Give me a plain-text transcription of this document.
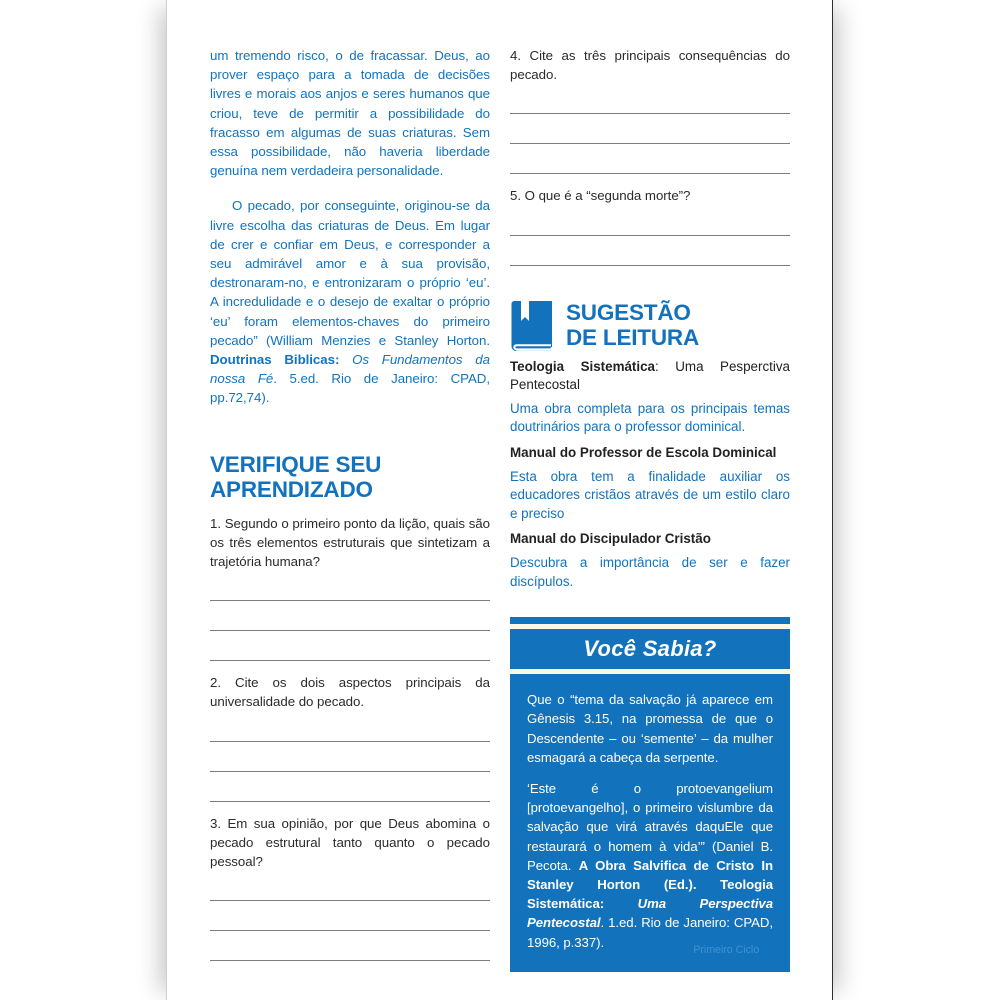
um tremendo risco, o de fracassar. Deus, ao prover espaço para a tomada de decisões livres e morais aos anjos e seres humanos que criou, teve de permitir a possibilidade do fracasso em algumas de suas criaturas. Sem essa possibilidade, não haveria liberdade genuína nem verdadeira personalidade.

O pecado, por conseguinte, originou-se da livre escolha das criaturas de Deus. Em lugar de crer e confiar em Deus, e corresponder a seu admirável amor e à sua provisão, destronaram-no, e entronizaram o próprio ‘eu’. A incredulidade e o desejo de exaltar o próprio ‘eu’ foram elementos-chaves do primeiro pecado” (William Menzies e Stanley Horton. Doutrinas Biblicas: Os Fundamentos da nossa Fé. 5.ed. Rio de Janeiro: CPAD, pp.72,74).

VERIFIQUE SEU APRENDIZADO

1. Segundo o primeiro ponto da lição, quais são os três elementos estruturais que sintetizam a trajetória humana?

2. Cite os dois aspectos principais da universalidade do pecado.

3. Em sua opinião, por que Deus abomina o pecado estrutural tanto quanto o pecado pessoal?

4. Cite as três principais consequências do pecado.

5. O que é a “segunda morte”?

SUGESTÃO
DE LEITURA
Teologia Sistemática: Uma Pesperctiva Pentecostal
Uma obra completa para os principais temas doutrinários para o professor dominical.
Manual do Professor de Escola Dominical
Esta obra tem a finalidade auxiliar os educadores cristãos através de um estilo claro e preciso
Manual do Discipulador Cristão
Descubra a importância de ser e fazer discípulos.
Você Sabia?

Que o “tema da salvação já aparece em Gênesis 3.15, na promessa de que o Descendente – ou ‘semente’ – da mulher esmagará a cabeça da serpente.

‘Este é o protoevangelium [protoevangelho], o primeiro vislumbre da salvação que virá através daquEle que restaurará o homem à vida’” (Daniel B. Pecota. A Obra Salvifica de Cristo In Stanley Horton (Ed.). Teologia Sistemática: Uma Perspectiva Pentecostal. 1.ed. Rio de Janeiro: CPAD, 1996, p.337).

Primeiro Ciclo 7
